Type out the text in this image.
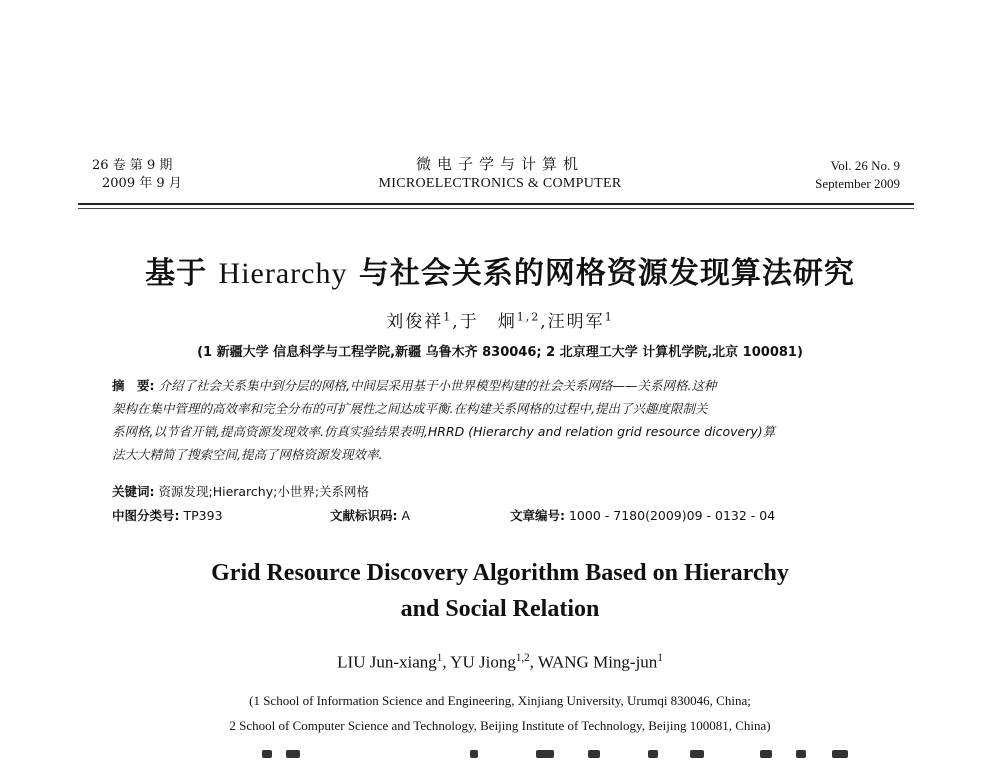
26 卷 第 9 期
2009 年 9 月
微电子学与计算机
MICROELECTRONICS & COMPUTER
Vol. 26 No. 9
September 2009
基于 Hierarchy 与社会关系的网格资源发现算法研究
刘俊祥$^1$,于　炯$^{1,2}$,汪明军$^1$
(1 新疆大学 信息科学与工程学院,新疆 乌鲁木齐 830046; 2 北京理工大学 计算机学院,北京 100081)
摘　要: 介绍了社会关系集中到分层的网格,中间层采用基于小世界模型构建的社会关系网络——关系网格.这种
架构在集中管理的高效率和完全分布的可扩展性之间达成平衡.在构建关系网格的过程中,提出了兴趣度限制关
系网格,以节省开销,提高资源发现效率.仿真实验结果表明,HRRD (Hierarchy and relation grid resource dicovery)算
法大大精简了搜索空间,提高了网格资源发现效率.
关键词: 资源发现;Hierarchy;小世界;关系网格
中图分类号: TP393	文献标识码: A	文章编号: 1000 - 7180(2009)09 - 0132 - 04
Grid Resource Discovery Algorithm Based on Hierarchy
and Social Relation
LIU Jun-xiang$^1$, YU Jiong$^{1,2}$, WANG Ming-jun$^1$
(1 School of Information Science and Engineering, Xinjiang University, Urumqi 830046, China;
2 School of Computer Science and Technology, Beijing Institute of Technology, Beijing 100081, China)
